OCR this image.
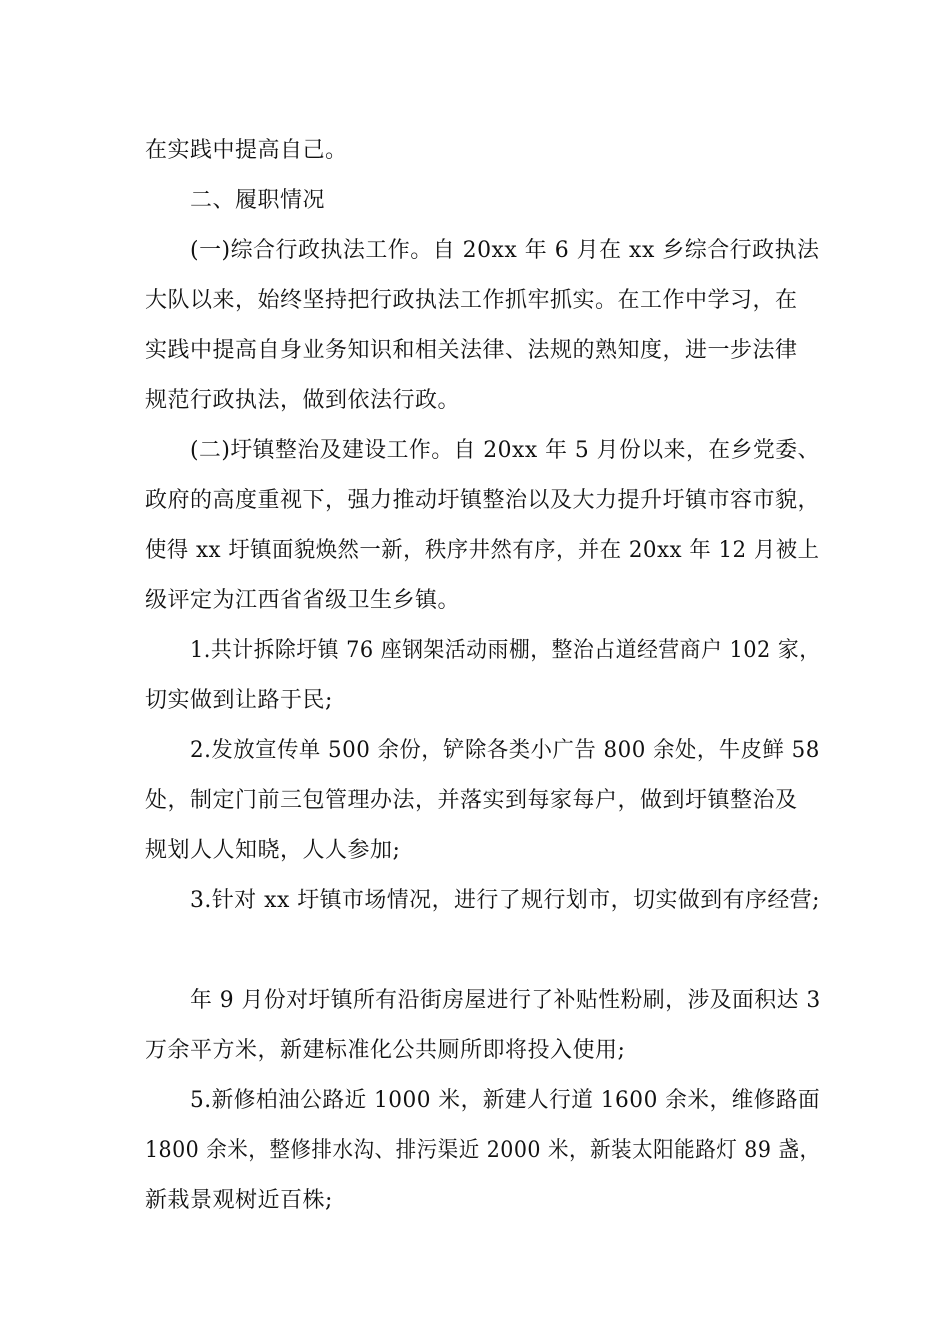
在实践中提高自己。
二、履职情况
(一)综合行政执法工作。自 20xx 年 6 月在 xx 乡综合行政执法
大队以来，始终坚持把行政执法工作抓牢抓实。在工作中学习，在
实践中提高自身业务知识和相关法律、法规的熟知度，进一步法律
规范行政执法，做到依法行政。
(二)圩镇整治及建设工作。自 20xx 年 5 月份以来，在乡党委、
政府的高度重视下，强力推动圩镇整治以及大力提升圩镇市容市貌，
使得 xx 圩镇面貌焕然一新，秩序井然有序，并在 20xx 年 12 月被上
级评定为江西省省级卫生乡镇。
1.共计拆除圩镇 76 座钢架活动雨棚，整治占道经营商户 102 家，
切实做到让路于民;
2.发放宣传单 500 余份，铲除各类小广告 800 余处，牛皮鲜 58
处，制定门前三包管理办法，并落实到每家每户，做到圩镇整治及
规划人人知晓，人人参加;
3.针对 xx 圩镇市场情况，进行了规行划市，切实做到有序经营;
年 9 月份对圩镇所有沿街房屋进行了补贴性粉刷，涉及面积达 3
万余平方米，新建标准化公共厕所即将投入使用;
5.新修柏油公路近 1000 米，新建人行道 1600 余米，维修路面
1800 余米，整修排水沟、排污渠近 2000 米，新装太阳能路灯 89 盏，
新栽景观树近百株;
